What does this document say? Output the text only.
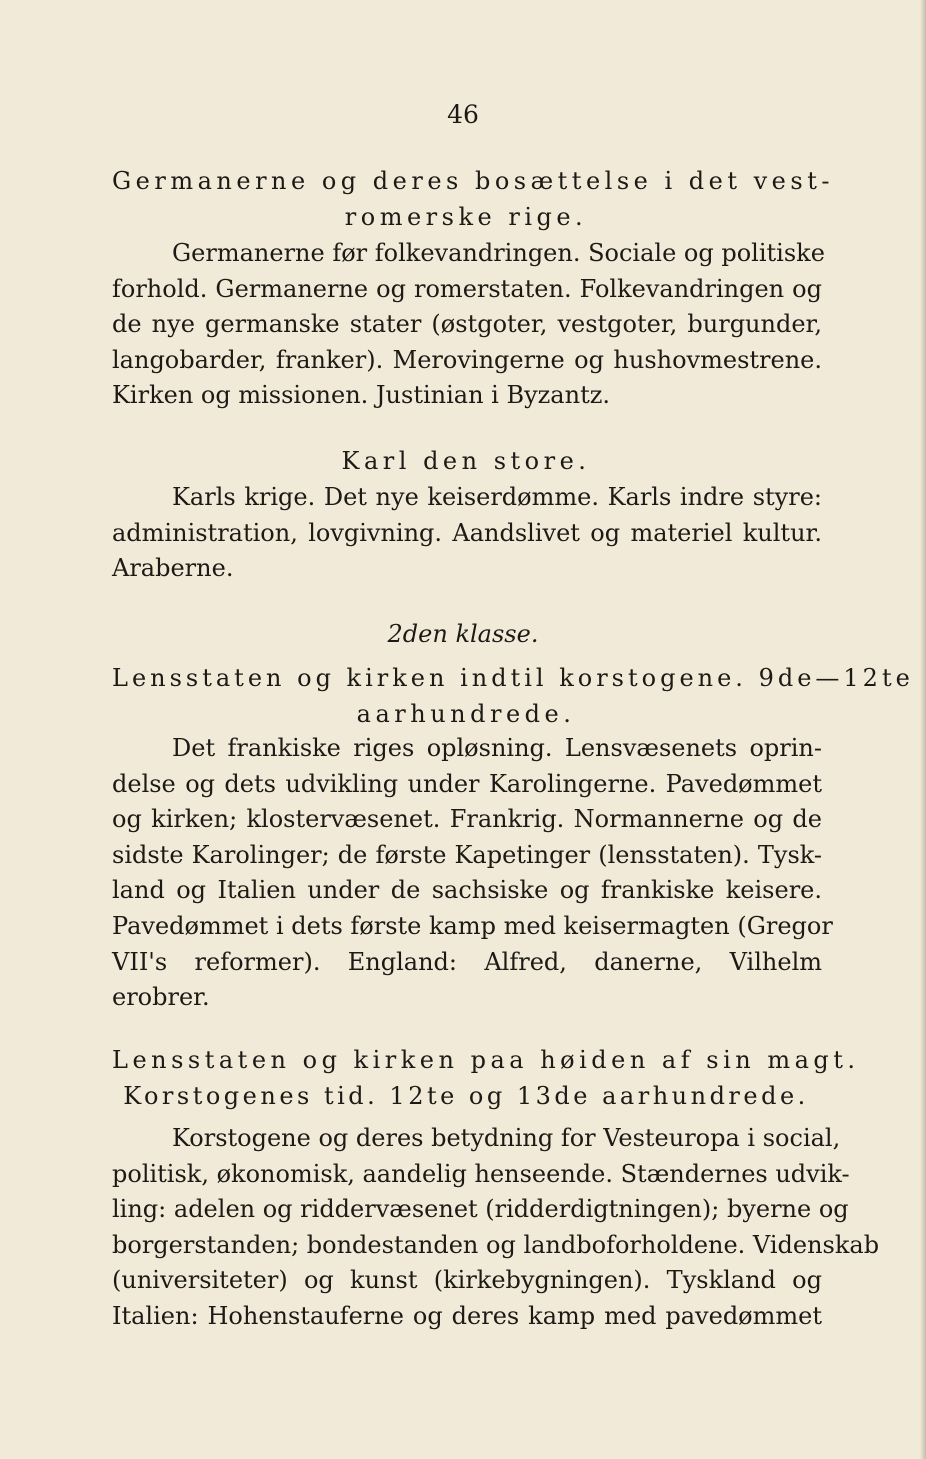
46
Germanerne og deres bosættelse i det vest-
romerske rige.
Germanerne før folkevandringen. Sociale og politiske
forhold. Germanerne og romerstaten. Folkevandringen og
de nye germanske stater (østgoter, vestgoter, burgunder,
langobarder, franker). Merovingerne og hushovmestrene.
Kirken og missionen. Justinian i Byzantz.
Karl den store.
Karls krige. Det nye keiserdømme. Karls indre styre:
administration, lovgivning. Aandslivet og materiel kultur.
Araberne.
2den klasse.
Lensstaten og kirken indtil korstogene. 9de—12te
aarhundrede.
Det frankiske riges opløsning. Lensvæsenets oprin-
delse og dets udvikling under Karolingerne. Pavedømmet
og kirken; klostervæsenet. Frankrig. Normannerne og de
sidste Karolinger; de første Kapetinger (lensstaten). Tysk-
land og Italien under de sachsiske og frankiske keisere.
Pavedømmet i dets første kamp med keisermagten (Gregor
VII's reformer). England: Alfred, danerne, Vilhelm
erobrer.
Lensstaten og kirken paa høiden af sin magt.
Korstogenes tid. 12te og 13de aarhundrede.
Korstogene og deres betydning for Vesteuropa i social,
politisk, økonomisk, aandelig henseende. Stændernes udvik-
ling: adelen og riddervæsenet (ridderdigtningen); byerne og
borgerstanden; bondestanden og landboforholdene. Videnskab
(universiteter) og kunst (kirkebygningen). Tyskland og
Italien: Hohenstauferne og deres kamp med pavedømmet
